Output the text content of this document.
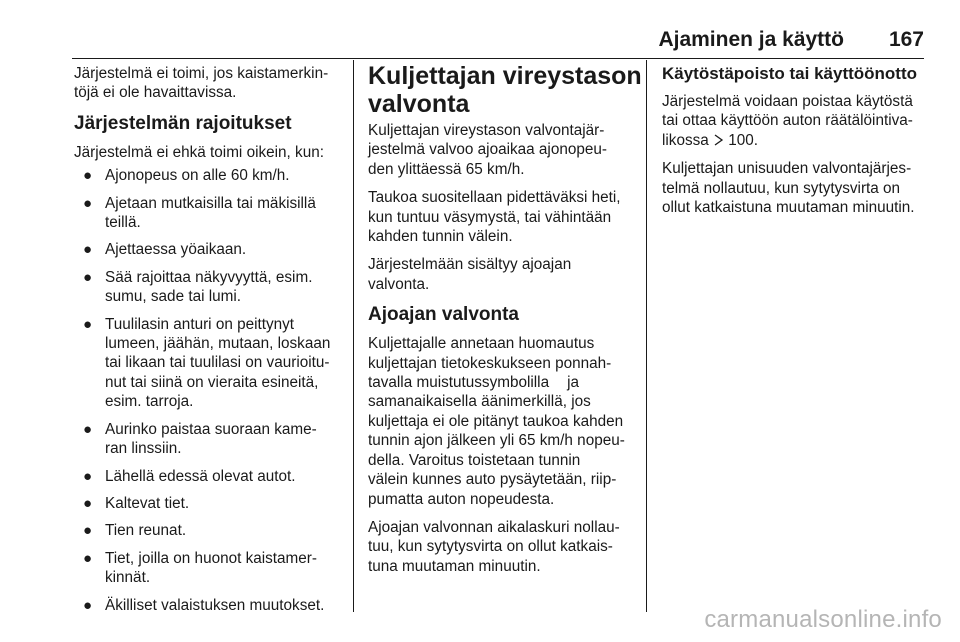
Ajaminen ja käyttö 167

Järjestelmä ei toimi, jos kaistamerkin-
töjä ei ole havaittavissa.

Järjestelmän rajoitukset

Järjestelmä ei ehkä toimi oikein, kun:

● Ajonopeus on alle 60 km/h.
● Ajetaan mutkaisilla tai mäkisillä
teillä.
● Ajettaessa yöaikaan.
● Sää rajoittaa näkyvyyttä, esim.
sumu, sade tai lumi.
● Tuulilasin anturi on peittynyt
lumeen, jäähän, mutaan, loskaan
tai likaan tai tuulilasi on vaurioitu-
nut tai siinä on vieraita esineitä,
esim. tarroja.
● Aurinko paistaa suoraan kame-
ran linssiin.
● Lähellä edessä olevat autot.
● Kaltevat tiet.
● Tien reunat.
● Tiet, joilla on huonot kaistamer-
kinnät.
● Äkilliset valaistuksen muutokset.
Kuljettajan vireystason
valvonta

Kuljettajan vireystason valvontajär-
jestelmä valvoo ajoaikaa ajonopeu-
den ylittäessä 65 km/h.

Taukoa suositellaan pidettäväksi heti,
kun tuntuu väsymystä, tai vähintään
kahden tunnin välein.

Järjestelmään sisältyy ajoajan
valvonta.

Ajoajan valvonta

Kuljettajalle annetaan huomautus
kuljettajan tietokeskukseen ponnah-
tavalla muistutussymbolilla ja
samanaikaisella äänimerkillä, jos
kuljettaja ei ole pitänyt taukoa kahden
tunnin ajon jälkeen yli 65 km/h nopeu-
della. Varoitus toistetaan tunnin
välein kunnes auto pysäytetään, riip-
pumatta auton nopeudesta.

Ajoajan valvonnan aikalaskuri nollau-
tuu, kun sytytysvirta on ollut katkais-
tuna muutaman minuutin.

Käytöstäpoisto tai käyttöönotto

Järjestelmä voidaan poistaa käytöstä
tai ottaa käyttöön auton räätälöintiva-
likossa 100.

Kuljettajan unisuuden valvontajärjes-
telmä nollautuu, kun sytytysvirta on
ollut katkaistuna muutaman minuutin.

carmanualsonline.info
